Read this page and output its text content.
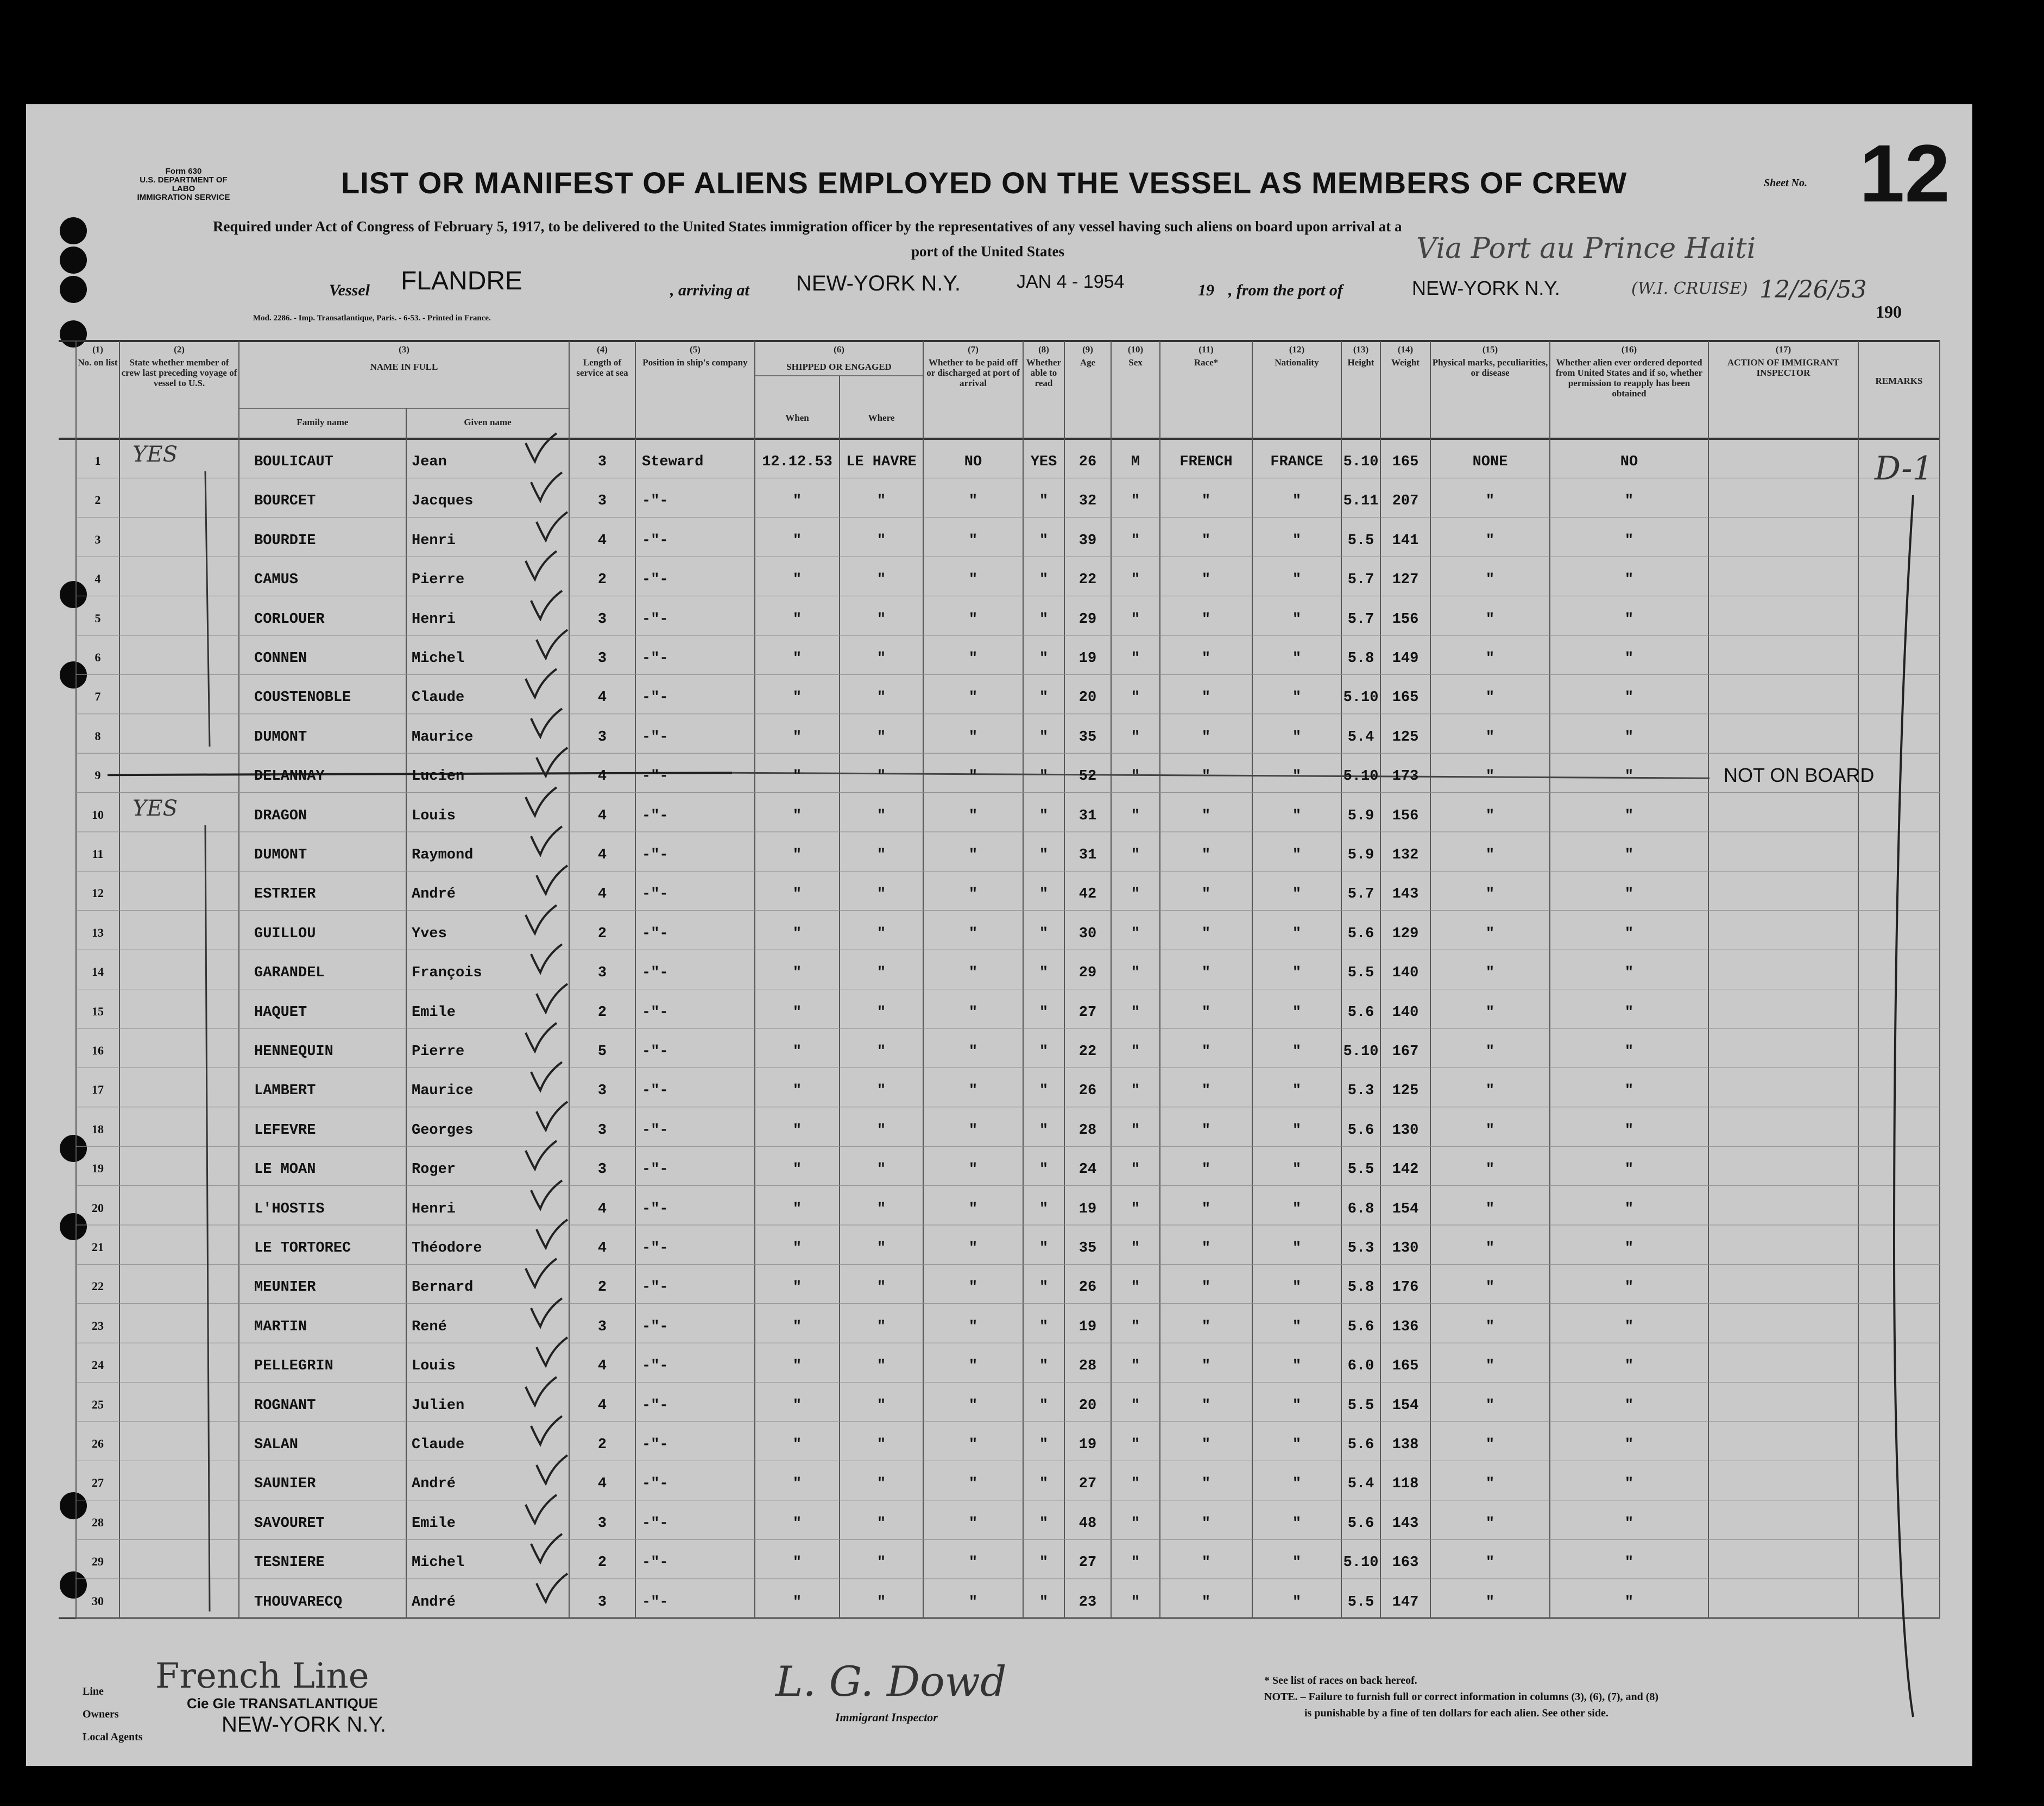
Form 630
U.S. DEPARTMENT OF LABO
IMMIGRATION SERVICE	LIST OR MANIFEST OF ALIENS EMPLOYED ON THE VESSEL AS MEMBERS OF CREW	Sheet No. 12
Required under Act of Congress of February 5, 1917, to be delivered to the United States immigration officer by the representatives of any vessel having such aliens on board upon arrival at a
port of the United States
Vessel FLANDRE	, arriving at NEW-YORK N.Y.	JAN 4 - 1954	19 , from the port of	NEW-YORK N.Y.
Via Port au Prince Haiti
(W.I. CRUISE) 12/26/53
190
Mod. 2286. - Imp. Transatlantique, Paris. - 6-53. - Printed in France.
(1)
No. on list
(2)
State whether member of crew last preceding voyage of vessel to U.S.
(3)
NAME IN FULL
(4)
Length of service at sea
(5)
Position in ship's company
(6)
SHIPPED OR ENGAGED
(7)
Whether to be paid off or discharged at port of arrival
(8)
Whether able to read
(9)
Age
(10)
Sex
(11)
Race*
(12)
Nationality
(13)
Height
(14)
Weight
(15)
Physical marks, peculiarities, or disease
(16)
Whether alien ever ordered deported from United States and if so, whether permission to reapply has been obtained
(17)
ACTION OF IMMIGRANT INSPECTOR
REMARKS
Family name	Given name	When	Where
1	BOULICAUT	Jean	3	Steward	12.12.53 LE HAVRE	NO	YES	26	M	FRENCH	FRANCE	5.10 165	NONE	NO
YES
2	BOURCET	Jacques	3	-"-	"	"	"	"	32	"	"	"	5.11 207	"	"
3	BOURDIE	Henri	4	-"-	"	"	"	"	39	"	"	"	5.5	141	"	"
4	CAMUS	Pierre	2	-"-	"	"	"	"	22	"	"	"	5.7	127	"	"
5	CORLOUER	Henri	3	-"-	"	"	"	"	29	"	"	"	5.7	156	"	"
6	CONNEN	Michel	3	-"-	"	"	"	"	19	"	"	"	5.8	149	"	"
7	COUSTENOBLE	Claude	4	-"-	"	"	"	"	20	"	"	"	5.10 165	"	"
8	DUMONT	Maurice	3	-"-	"	"	"	"	35	"	"	"	5.4	125	"	"
9	DELANNAY	Lucien	4	-"-	"	"	"	"	52	"	"	"	5.10 173	"	"	NOT ON BOARD
10	DRAGON	Louis	4	-"-	"	"	"	"	31	"	"	"	5.9	156	"	"
YES
11	DUMONT	Raymond	4	-"-	"	"	"	"	31	"	"	"	5.9	132	"	"
12	ESTRIER	André	4	-"-	"	"	"	"	42	"	"	"	5.7	143	"	"
13	GUILLOU	Yves	2	-"-	"	"	"	"	30	"	"	"	5.6	129	"	"
14	GARANDEL	François	3	-"-	"	"	"	"	29	"	"	"	5.5	140	"	"
15	HAQUET	Emile	2	-"-	"	"	"	"	27	"	"	"	5.6	140	"	"
16	HENNEQUIN	Pierre	5	-"-	"	"	"	"	22	"	"	"	5.10 167	"	"
17	LAMBERT	Maurice	3	-"-	"	"	"	"	26	"	"	"	5.3	125	"	"
18	LEFEVRE	Georges	3	-"-	"	"	"	"	28	"	"	"	5.6	130	"	"
19	LE MOAN	Roger	3	-"-	"	"	"	"	24	"	"	"	5.5	142	"	"
20	L'HOSTIS	Henri	4	-"-	"	"	"	"	19	"	"	"	6.8	154	"	"
21	LE TORTOREC	Théodore	4	-"-	"	"	"	"	35	"	"	"	5.3	130	"	"
22	MEUNIER	Bernard	2	-"-	"	"	"	"	26	"	"	"	5.8	176	"	"
23	MARTIN	René	3	-"-	"	"	"	"	19	"	"	"	5.6	136	"	"
24	PELLEGRIN	Louis	4	-"-	"	"	"	"	28	"	"	"	6.0	165	"	"
25	ROGNANT	Julien	4	-"-	"	"	"	"	20	"	"	"	5.5	154	"	"
26	SALAN	Claude	2	-"-	"	"	"	"	19	"	"	"	5.6	138	"	"
27	SAUNIER	André	4	-"-	"	"	"	"	27	"	"	"	5.4	118	"	"
28	SAVOURET	Emile	3	-"-	"	"	"	"	48	"	"	"	5.6	143	"	"
29	TESNIERE	Michel	2	-"-	"	"	"	"	27	"	"	"	5.10 163	"	"
30	THOUVARECQ	André	3	-"-	"	"	"	"	23	"	"	"	5.5	147	"	"
D-1
Line French Line
Owners
Cie Gle TRANSATLANTIQUE
Local Agents
NEW-YORK N.Y.
L. G. Dowd
Immigrant Inspector
* See list of races on back hereof.
NOTE. – Failure to furnish full or correct information in columns (3), (6), (7), and (8)
is punishable by a fine of ten dollars for each alien. See other side.
